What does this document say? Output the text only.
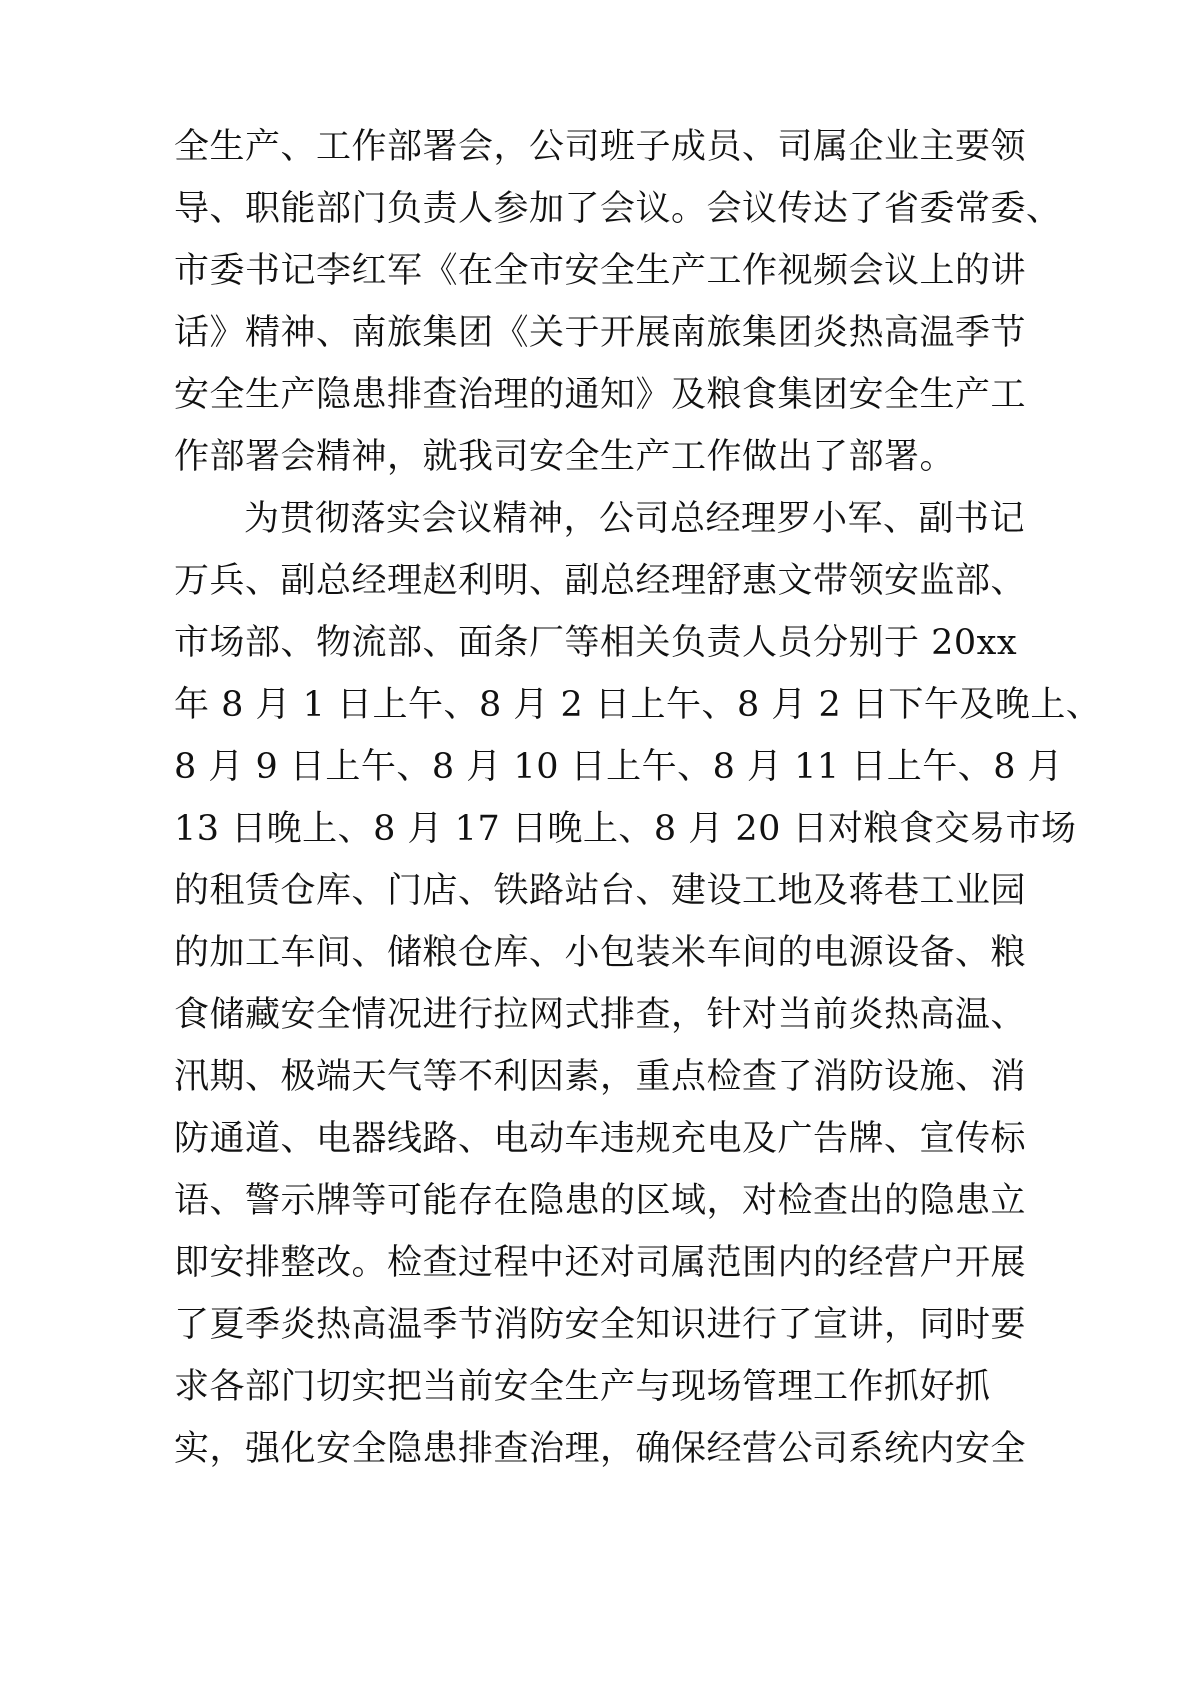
全生产、工作部署会，公司班子成员、司属企业主要领
导、职能部门负责人参加了会议。会议传达了省委常委、
市委书记李红军《在全市安全生产工作视频会议上的讲
话》精神、南旅集团《关于开展南旅集团炎热高温季节
安全生产隐患排查治理的通知》及粮食集团安全生产工
作部署会精神，就我司安全生产工作做出了部署。
为贯彻落实会议精神，公司总经理罗小军、副书记
万兵、副总经理赵利明、副总经理舒惠文带领安监部、
市场部、物流部、面条厂等相关负责人员分别于 20xx
年 8 月 1 日上午、8 月 2 日上午、8 月 2 日下午及晚上、
8 月 9 日上午、8 月 10 日上午、8 月 11 日上午、8 月
13 日晚上、8 月 17 日晚上、8 月 20 日对粮食交易市场
的租赁仓库、门店、铁路站台、建设工地及蒋巷工业园
的加工车间、储粮仓库、小包装米车间的电源设备、粮
食储藏安全情况进行拉网式排查，针对当前炎热高温、
汛期、极端天气等不利因素，重点检查了消防设施、消
防通道、电器线路、电动车违规充电及广告牌、宣传标
语、警示牌等可能存在隐患的区域，对检查出的隐患立
即安排整改。检查过程中还对司属范围内的经营户开展
了夏季炎热高温季节消防安全知识进行了宣讲，同时要
求各部门切实把当前安全生产与现场管理工作抓好抓
实，强化安全隐患排查治理，确保经营公司系统内安全
